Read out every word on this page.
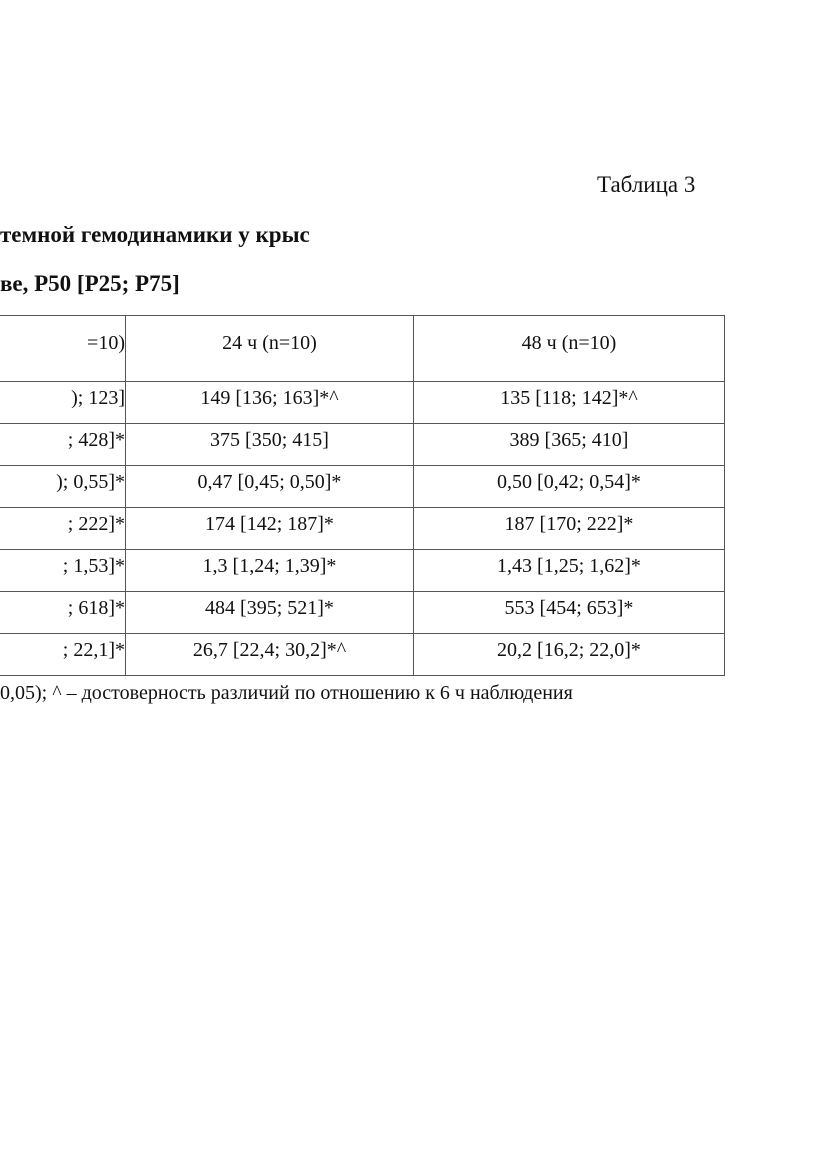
Таблица 3
темной гемодинамики у крыс
ве, Р50 [Р25; Р75]
=10)	24 ч (n=10)	48 ч (n=10)
); 123]	149 [136; 163]*^	135 [118; 142]*^
; 428]*	375 [350; 415]	389 [365; 410]
); 0,55]*	0,47 [0,45; 0,50]*	0,50 [0,42; 0,54]*
; 222]*	174 [142; 187]*	187 [170; 222]*
; 1,53]*	1,3 [1,24; 1,39]*	1,43 [1,25; 1,62]*
; 618]*	484 [395; 521]*	553 [454; 653]*
; 22,1]*	26,7 [22,4; 30,2]*^	20,2 [16,2; 22,0]*
0,05); ^ – достоверность различий по отношению к 6 ч наблюдения
